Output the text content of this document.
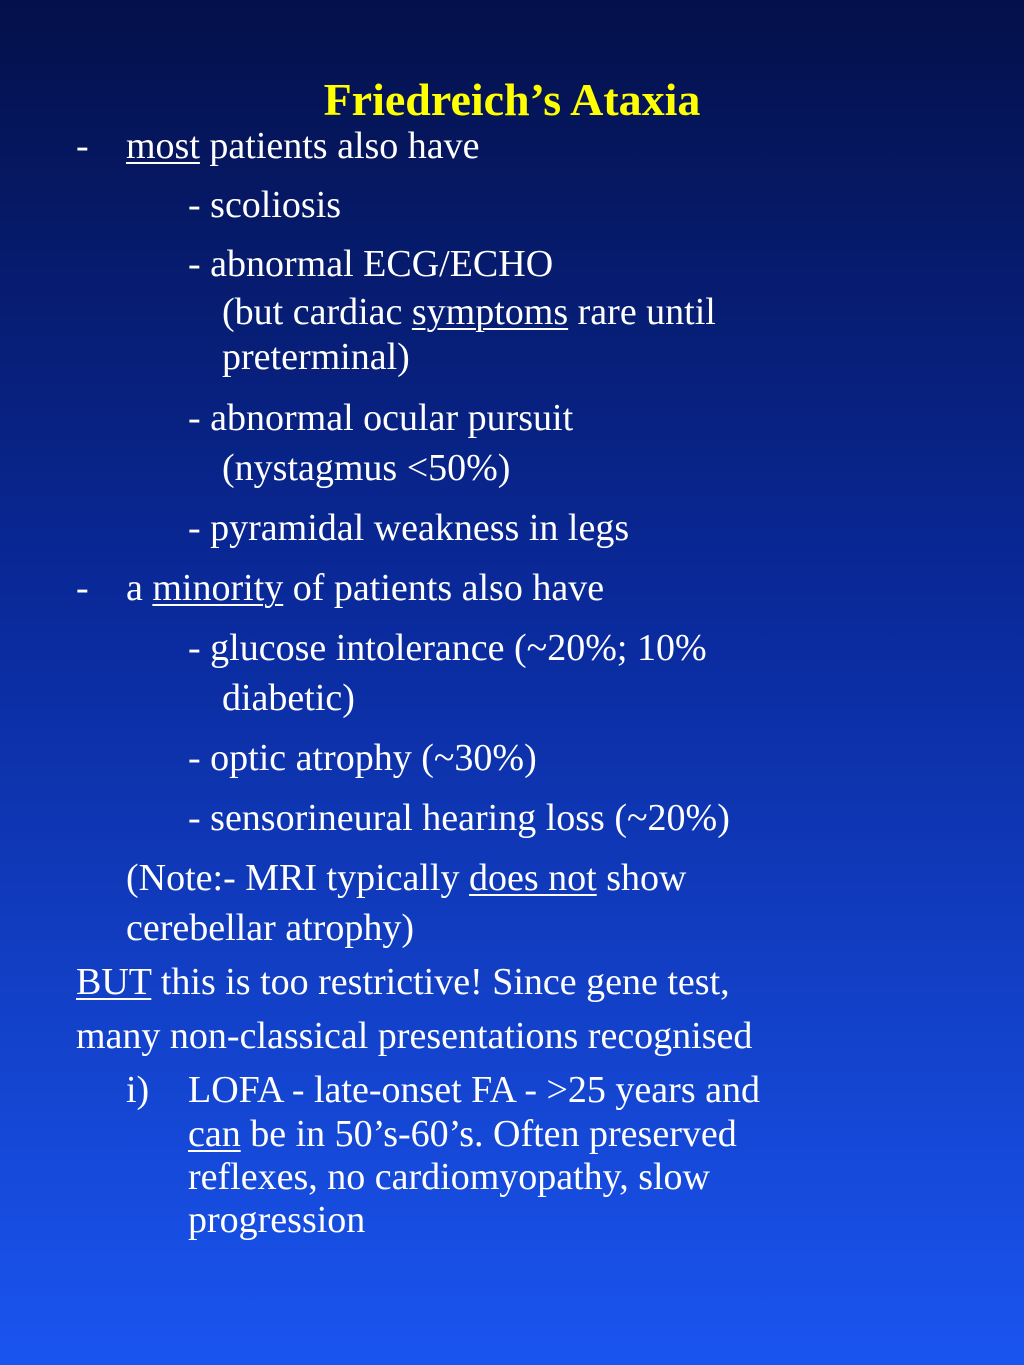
Friedreich’s Ataxia
- most patients also have
- scoliosis
- abnormal ECG/ECHO
(but cardiac symptoms rare until
preterminal)
- abnormal ocular pursuit
(nystagmus <50%)
- pyramidal weakness in legs
- a minority of patients also have
- glucose intolerance (~20%; 10%
diabetic)
- optic atrophy (~30%)
- sensorineural hearing loss (~20%)
(Note:- MRI typically does not show
cerebellar atrophy)
BUT this is too restrictive! Since gene test,
many non-classical presentations recognised
i) LOFA - late-onset FA - >25 years and
can be in 50’s-60’s. Often preserved
reflexes, no cardiomyopathy, slow
progression
